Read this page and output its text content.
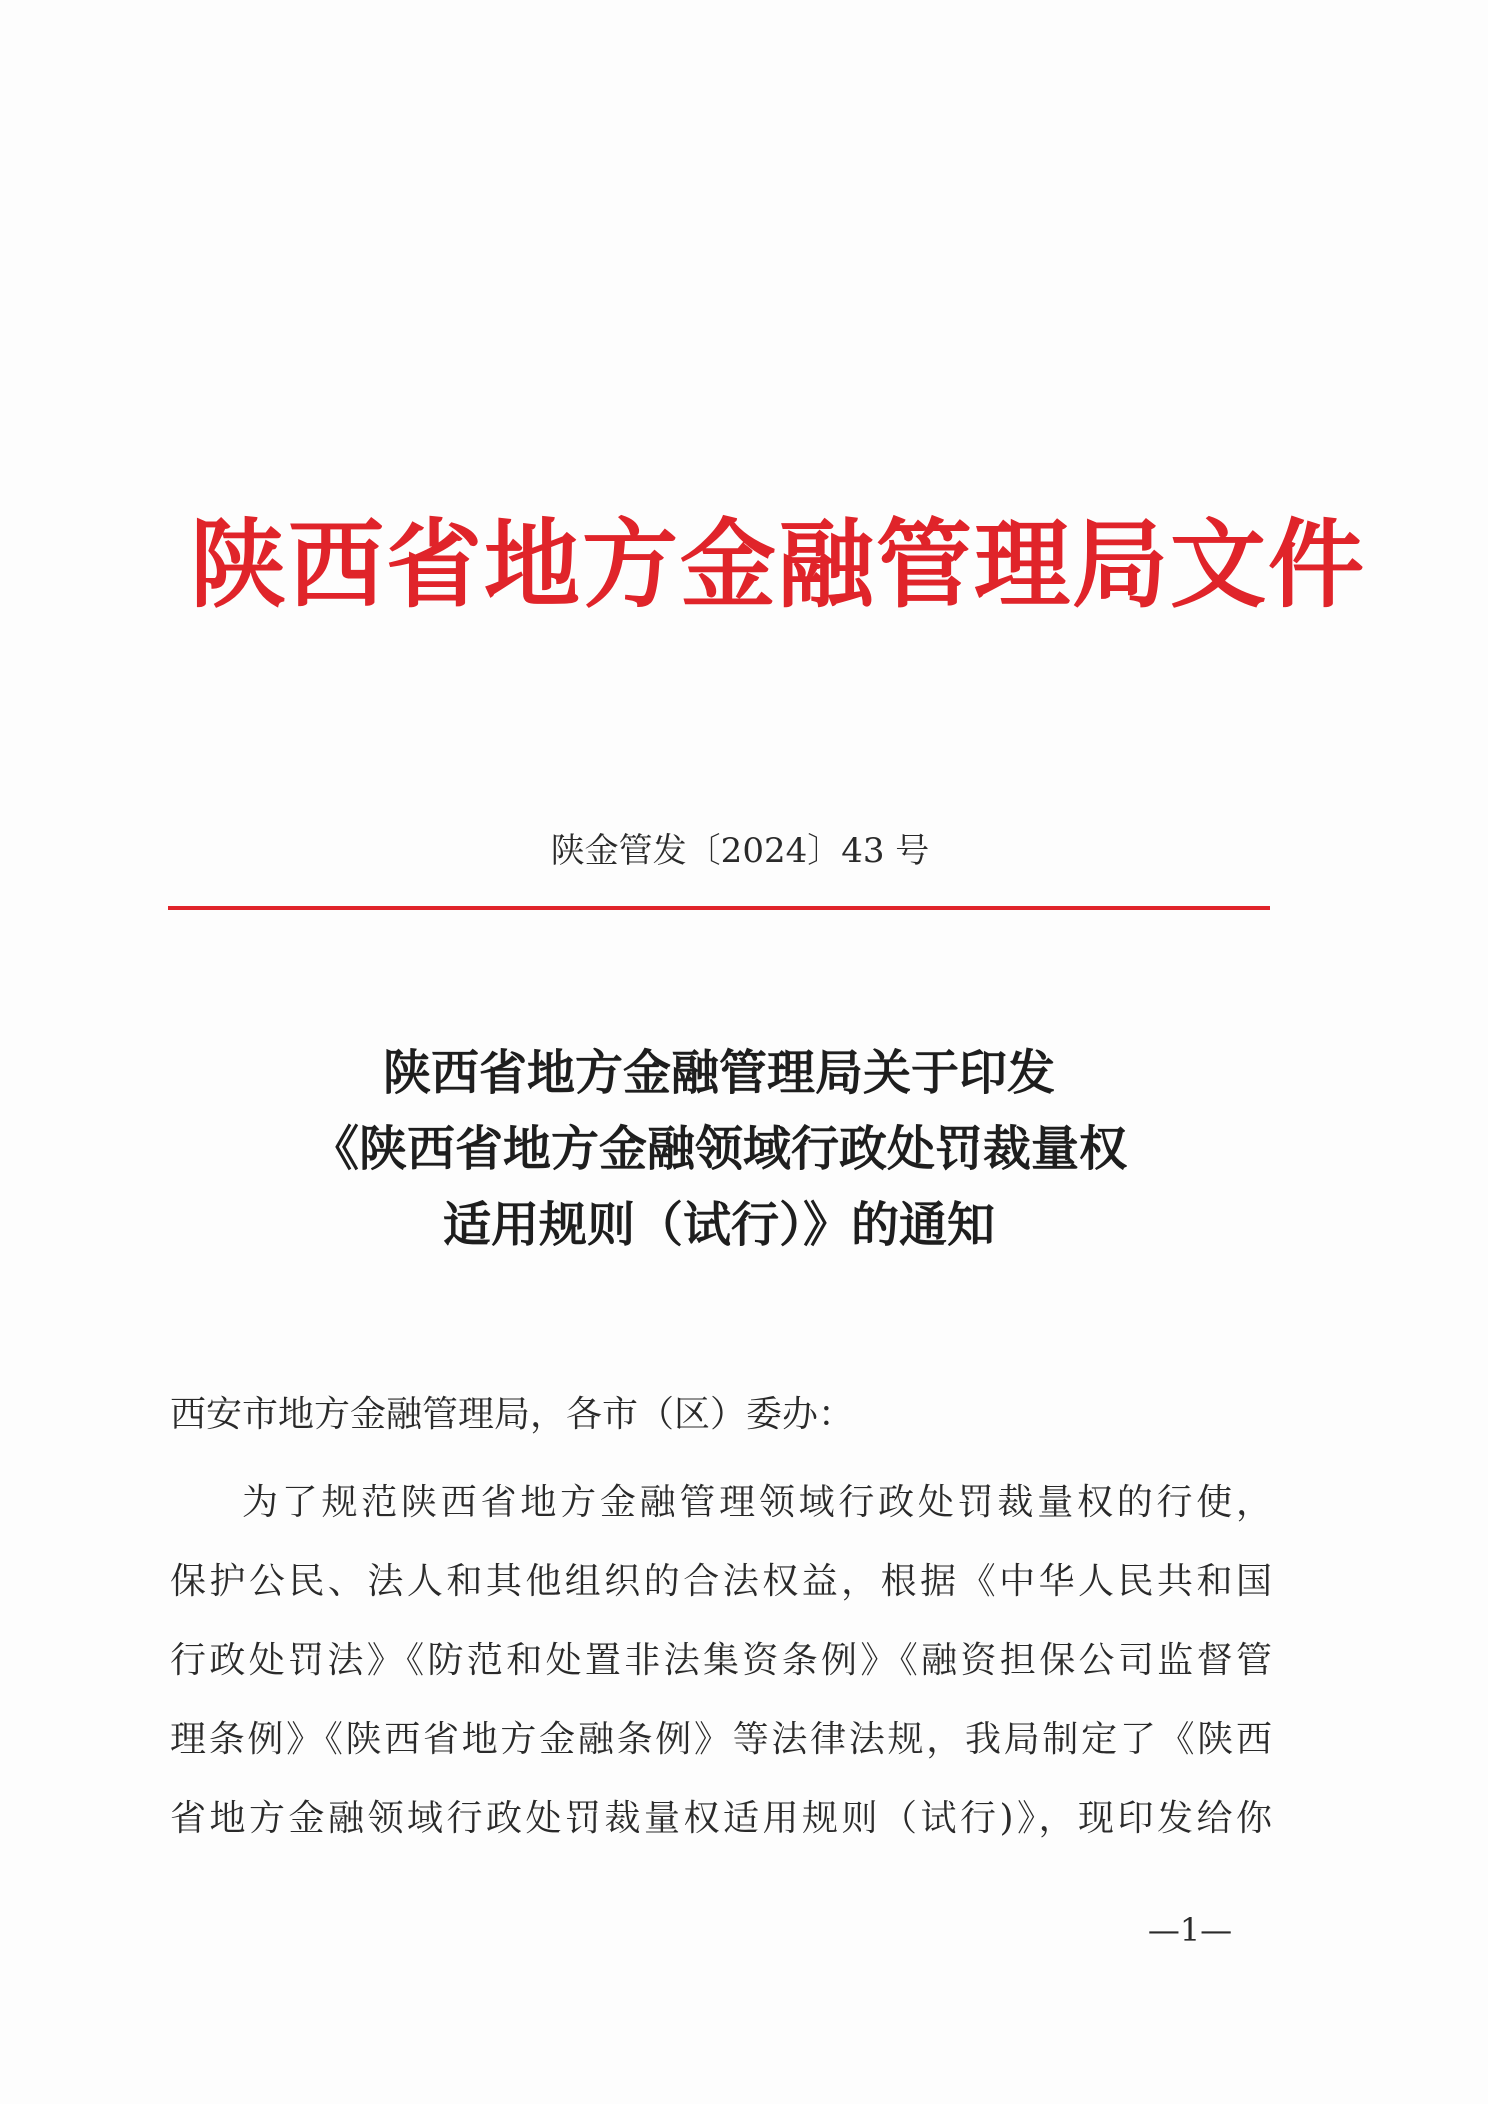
陕西省地方金融管理局文件
陕金管发〔2024〕43 号
陕西省地方金融管理局关于印发
《陕西省地方金融领域行政处罚裁量权
适用规则（试行）》的通知
西安市地方金融管理局，各市（区）委办：
为了规范陕西省地方金融管理领域行政处罚裁量权的行使，
保护公民、法人和其他组织的合法权益，根据《中华人民共和国
行政处罚法》《防范和处置非法集资条例》《融资担保公司监督管
理条例》《陕西省地方金融条例》等法律法规，我局制定了《陕西
省地方金融领域行政处罚裁量权适用规则（试行)》，现印发给你
—1—
